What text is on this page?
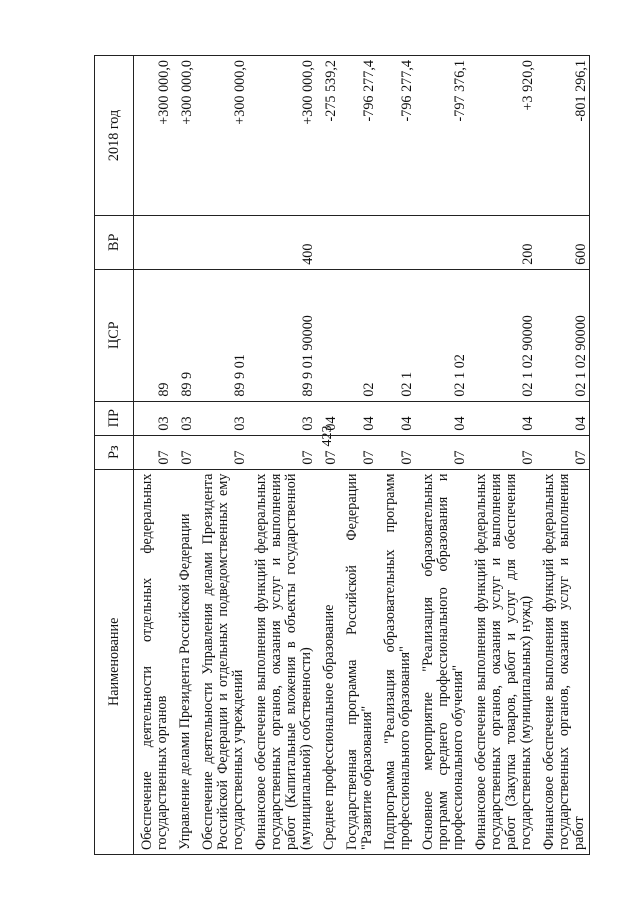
423
Наименование	Рз	ПР	ЦСР	ВР	2018 год
Обеспечение деятельности отдельных федеральных государственных органов	07	03	89		+300 000,0
Управление делами Президента Российской Федерации	07	03	89 9		+300 000,0
Обеспечение деятельности Управления делами Президента Российской Федерации и отдельных подведомственных ему государственных учреждений	07	03	89 9 01		+300 000,0
Финансовое обеспечение выполнения функций федеральных государственных органов, оказания услуг и выполнения работ (Капитальные вложения в объекты государственной (муниципальной) собственности)	07	03	89 9 01 90000	400	+300 000,0
Среднее профессиональное образование	07	04			-275 539,2
Государственная программа Российской Федерации "Развитие образования"	07	04	02		-796 277,4
Подпрограмма "Реализация образовательных программ профессионального образования"	07	04	02 1		-796 277,4
Основное мероприятие "Реализация образовательных программ среднего профессионального образования и профессионального обучения"	07	04	02 1 02		-797 376,1
Финансовое обеспечение выполнения функций федеральных государственных органов, оказания услуг и выполнения работ (Закупка товаров, работ и услуг для обеспечения государственных (муниципальных) нужд)	07	04	02 1 02 90000	200	+3 920,0
Финансовое обеспечение выполнения функций федеральных государственных органов, оказания услуг и выполнения работ	07	04	02 1 02 90000	600	-801 296,1
